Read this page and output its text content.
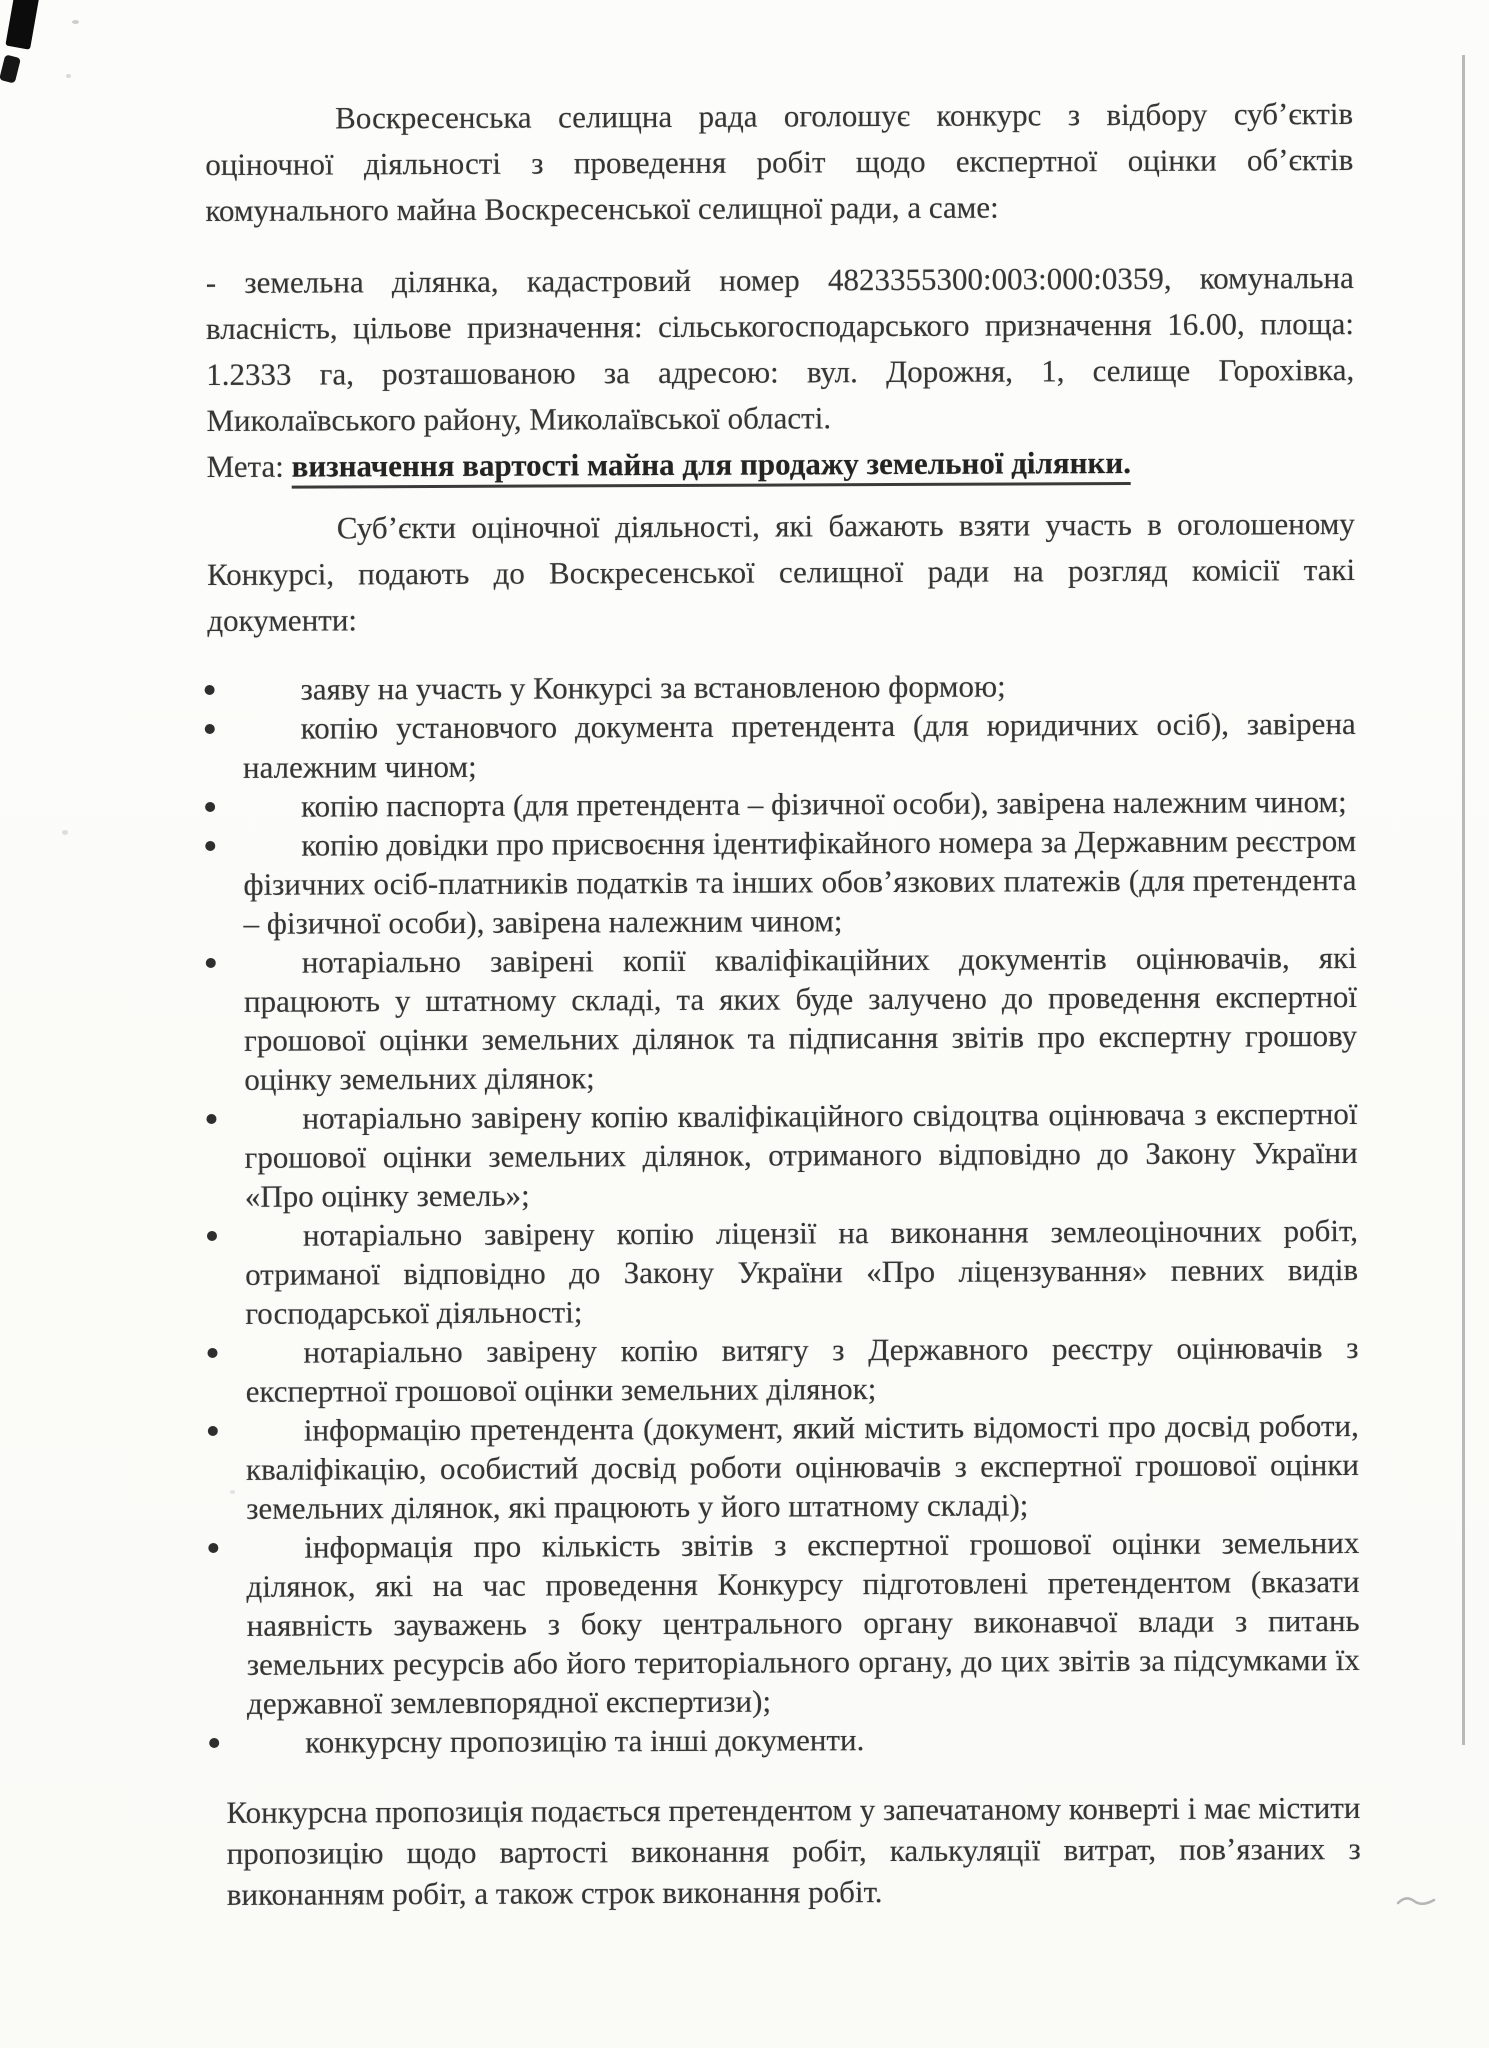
Воскресенська селищна рада оголошує конкурс з відбору суб’єктів оціночної діяльності з проведення робіт щодо експертної оцінки об’єктів комунального майна Воскресенської селищної ради, а саме:

- земельна ділянка, кадастровий номер 4823355300:003:000:0359, комунальна власність, цільове призначення: сільськогосподарського призначення 16.00, площа: 1.2333 га, розташованою за адресою: вул. Дорожня, 1, селище Горохівка, Миколаївського району, Миколаївської області.

Мета: визначення вартості майна для продажу земельної ділянки.

Суб’єкти оціночної діяльності, які бажають взяти участь в оголошеному Конкурсі, подають до Воскресенської селищної ради на розгляд комісії такі документи:

заяву на участь у Конкурсі за встановленою формою;
копію установчого документа претендента (для юридичних осіб), завірена належним чином;
копію паспорта (для претендента – фізичної особи), завірена належним чином;
копію довідки про присвоєння ідентифікайного номера за Державним реєстром фізичних осіб-платників податків та інших обов’язкових платежів (для претендента – фізичної особи), завірена належним чином;
нотаріально завірені копії кваліфікаційних документів оцінювачів, які працюють у штатному складі, та яких буде залучено до проведення експертної грошової оцінки земельних ділянок та підписання звітів про експертну грошову оцінку земельних ділянок;
нотаріально завірену копію кваліфікаційного свідоцтва оцінювача з експертної грошової оцінки земельних ділянок, отриманого відповідно до Закону України «Про оцінку земель»;
нотаріально завірену копію ліцензії на виконання землеоціночних робіт, отриманої відповідно до Закону України «Про ліцензування» певних видів господарської діяльності;
нотаріально завірену копію витягу з Державного реєстру оцінювачів з експертної грошової оцінки земельних ділянок;
інформацію претендента (документ, який містить відомості про досвід роботи, кваліфікацію, особистий досвід роботи оцінювачів з експертної грошової оцінки земельних ділянок, які працюють у його штатному складі);
інформація про кількість звітів з експертної грошової оцінки земельних ділянок, які на час проведення Конкурсу підготовлені претендентом (вказати наявність зауважень з боку центрального органу виконавчої влади з питань земельних ресурсів або його територіального органу, до цих звітів за підсумками їх державної землевпорядної експертизи);
конкурсну пропозицію та інші документи.

Конкурсна пропозиція подається претендентом у запечатаному конверті і має містити пропозицію щодо вартості виконання робіт, калькуляції витрат, пов’язаних з виконанням робіт, а також строк виконання робіт.
